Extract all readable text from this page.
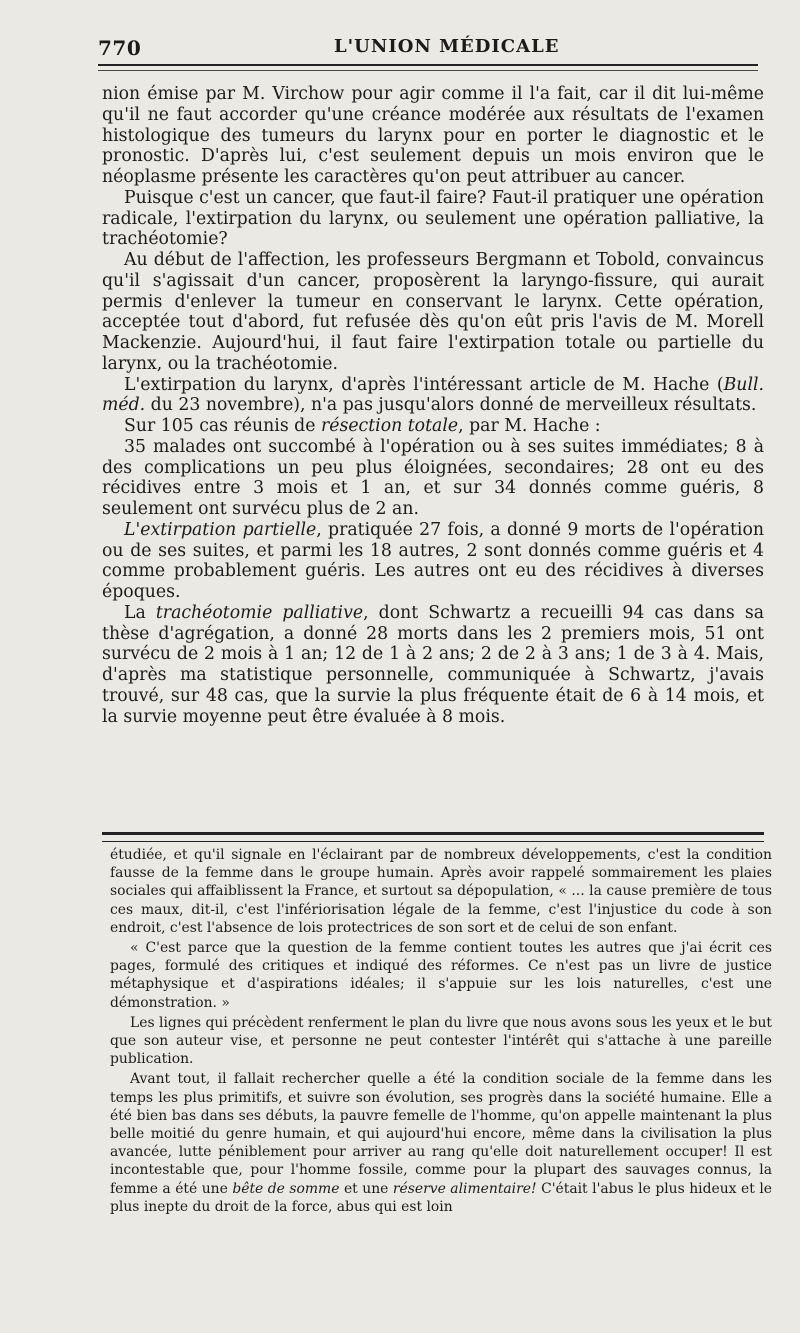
770	L'UNION MÉDICALE

nion émise par M. Virchow pour agir comme il l'a fait, car il dit lui-même qu'il ne faut accorder qu'une créance modérée aux résultats de l'examen histologique des tumeurs du larynx pour en porter le diagnostic et le pronostic. D'après lui, c'est seulement depuis un mois environ que le néoplasme présente les caractères qu'on peut attribuer au cancer.

Puisque c'est un cancer, que faut-il faire? Faut-il pratiquer une opération radicale, l'extirpation du larynx, ou seulement une opération palliative, la trachéotomie?

Au début de l'affection, les professeurs Bergmann et Tobold, convaincus qu'il s'agissait d'un cancer, proposèrent la laryngo-fissure, qui aurait permis d'enlever la tumeur en conservant le larynx. Cette opération, acceptée tout d'abord, fut refusée dès qu'on eût pris l'avis de M. Morell Mackenzie. Aujourd'hui, il faut faire l'extirpation totale ou partielle du larynx, ou la trachéotomie.

L'extirpation du larynx, d'après l'intéressant article de M. Hache (Bull. méd. du 23 novembre), n'a pas jusqu'alors donné de merveilleux résultats.

Sur 105 cas réunis de résection totale, par M. Hache :

35 malades ont succombé à l'opération ou à ses suites immédiates; 8 à des complications un peu plus éloignées, secondaires; 28 ont eu des récidives entre 3 mois et 1 an, et sur 34 donnés comme guéris, 8 seulement ont survécu plus de 2 an.

L'extirpation partielle, pratiquée 27 fois, a donné 9 morts de l'opération ou de ses suites, et parmi les 18 autres, 2 sont donnés comme guéris et 4 comme probablement guéris. Les autres ont eu des récidives à diverses époques.

La trachéotomie palliative, dont Schwartz a recueilli 94 cas dans sa thèse d'agrégation, a donné 28 morts dans les 2 premiers mois, 51 ont survécu de 2 mois à 1 an; 12 de 1 à 2 ans; 2 de 2 à 3 ans; 1 de 3 à 4. Mais, d'après ma statistique personnelle, communiquée à Schwartz, j'avais trouvé, sur 48 cas, que la survie la plus fréquente était de 6 à 14 mois, et la survie moyenne peut être évaluée à 8 mois.

étudiée, et qu'il signale en l'éclairant par de nombreux développements, c'est la condition fausse de la femme dans le groupe humain. Après avoir rappelé sommairement les plaies sociales qui affaiblissent la France, et surtout sa dépopulation, « ... la cause première de tous ces maux, dit-il, c'est l'infériorisation légale de la femme, c'est l'injustice du code à son endroit, c'est l'absence de lois protectrices de son sort et de celui de son enfant.

« C'est parce que la question de la femme contient toutes les autres que j'ai écrit ces pages, formulé des critiques et indiqué des réformes. Ce n'est pas un livre de justice métaphysique et d'aspirations idéales; il s'appuie sur les lois naturelles, c'est une démonstration. »

Les lignes qui précèdent renferment le plan du livre que nous avons sous les yeux et le but que son auteur vise, et personne ne peut contester l'intérêt qui s'attache à une pareille publication.

Avant tout, il fallait rechercher quelle a été la condition sociale de la femme dans les temps les plus primitifs, et suivre son évolution, ses progrès dans la société humaine. Elle a été bien bas dans ses débuts, la pauvre femelle de l'homme, qu'on appelle maintenant la plus belle moitié du genre humain, et qui aujourd'hui encore, même dans la civilisation la plus avancée, lutte péniblement pour arriver au rang qu'elle doit naturellement occuper! Il est incontestable que, pour l'homme fossile, comme pour la plupart des sauvages connus, la femme a été une bête de somme et une réserve alimentaire! C'était l'abus le plus hideux et le plus inepte du droit de la force, abus qui est loin
